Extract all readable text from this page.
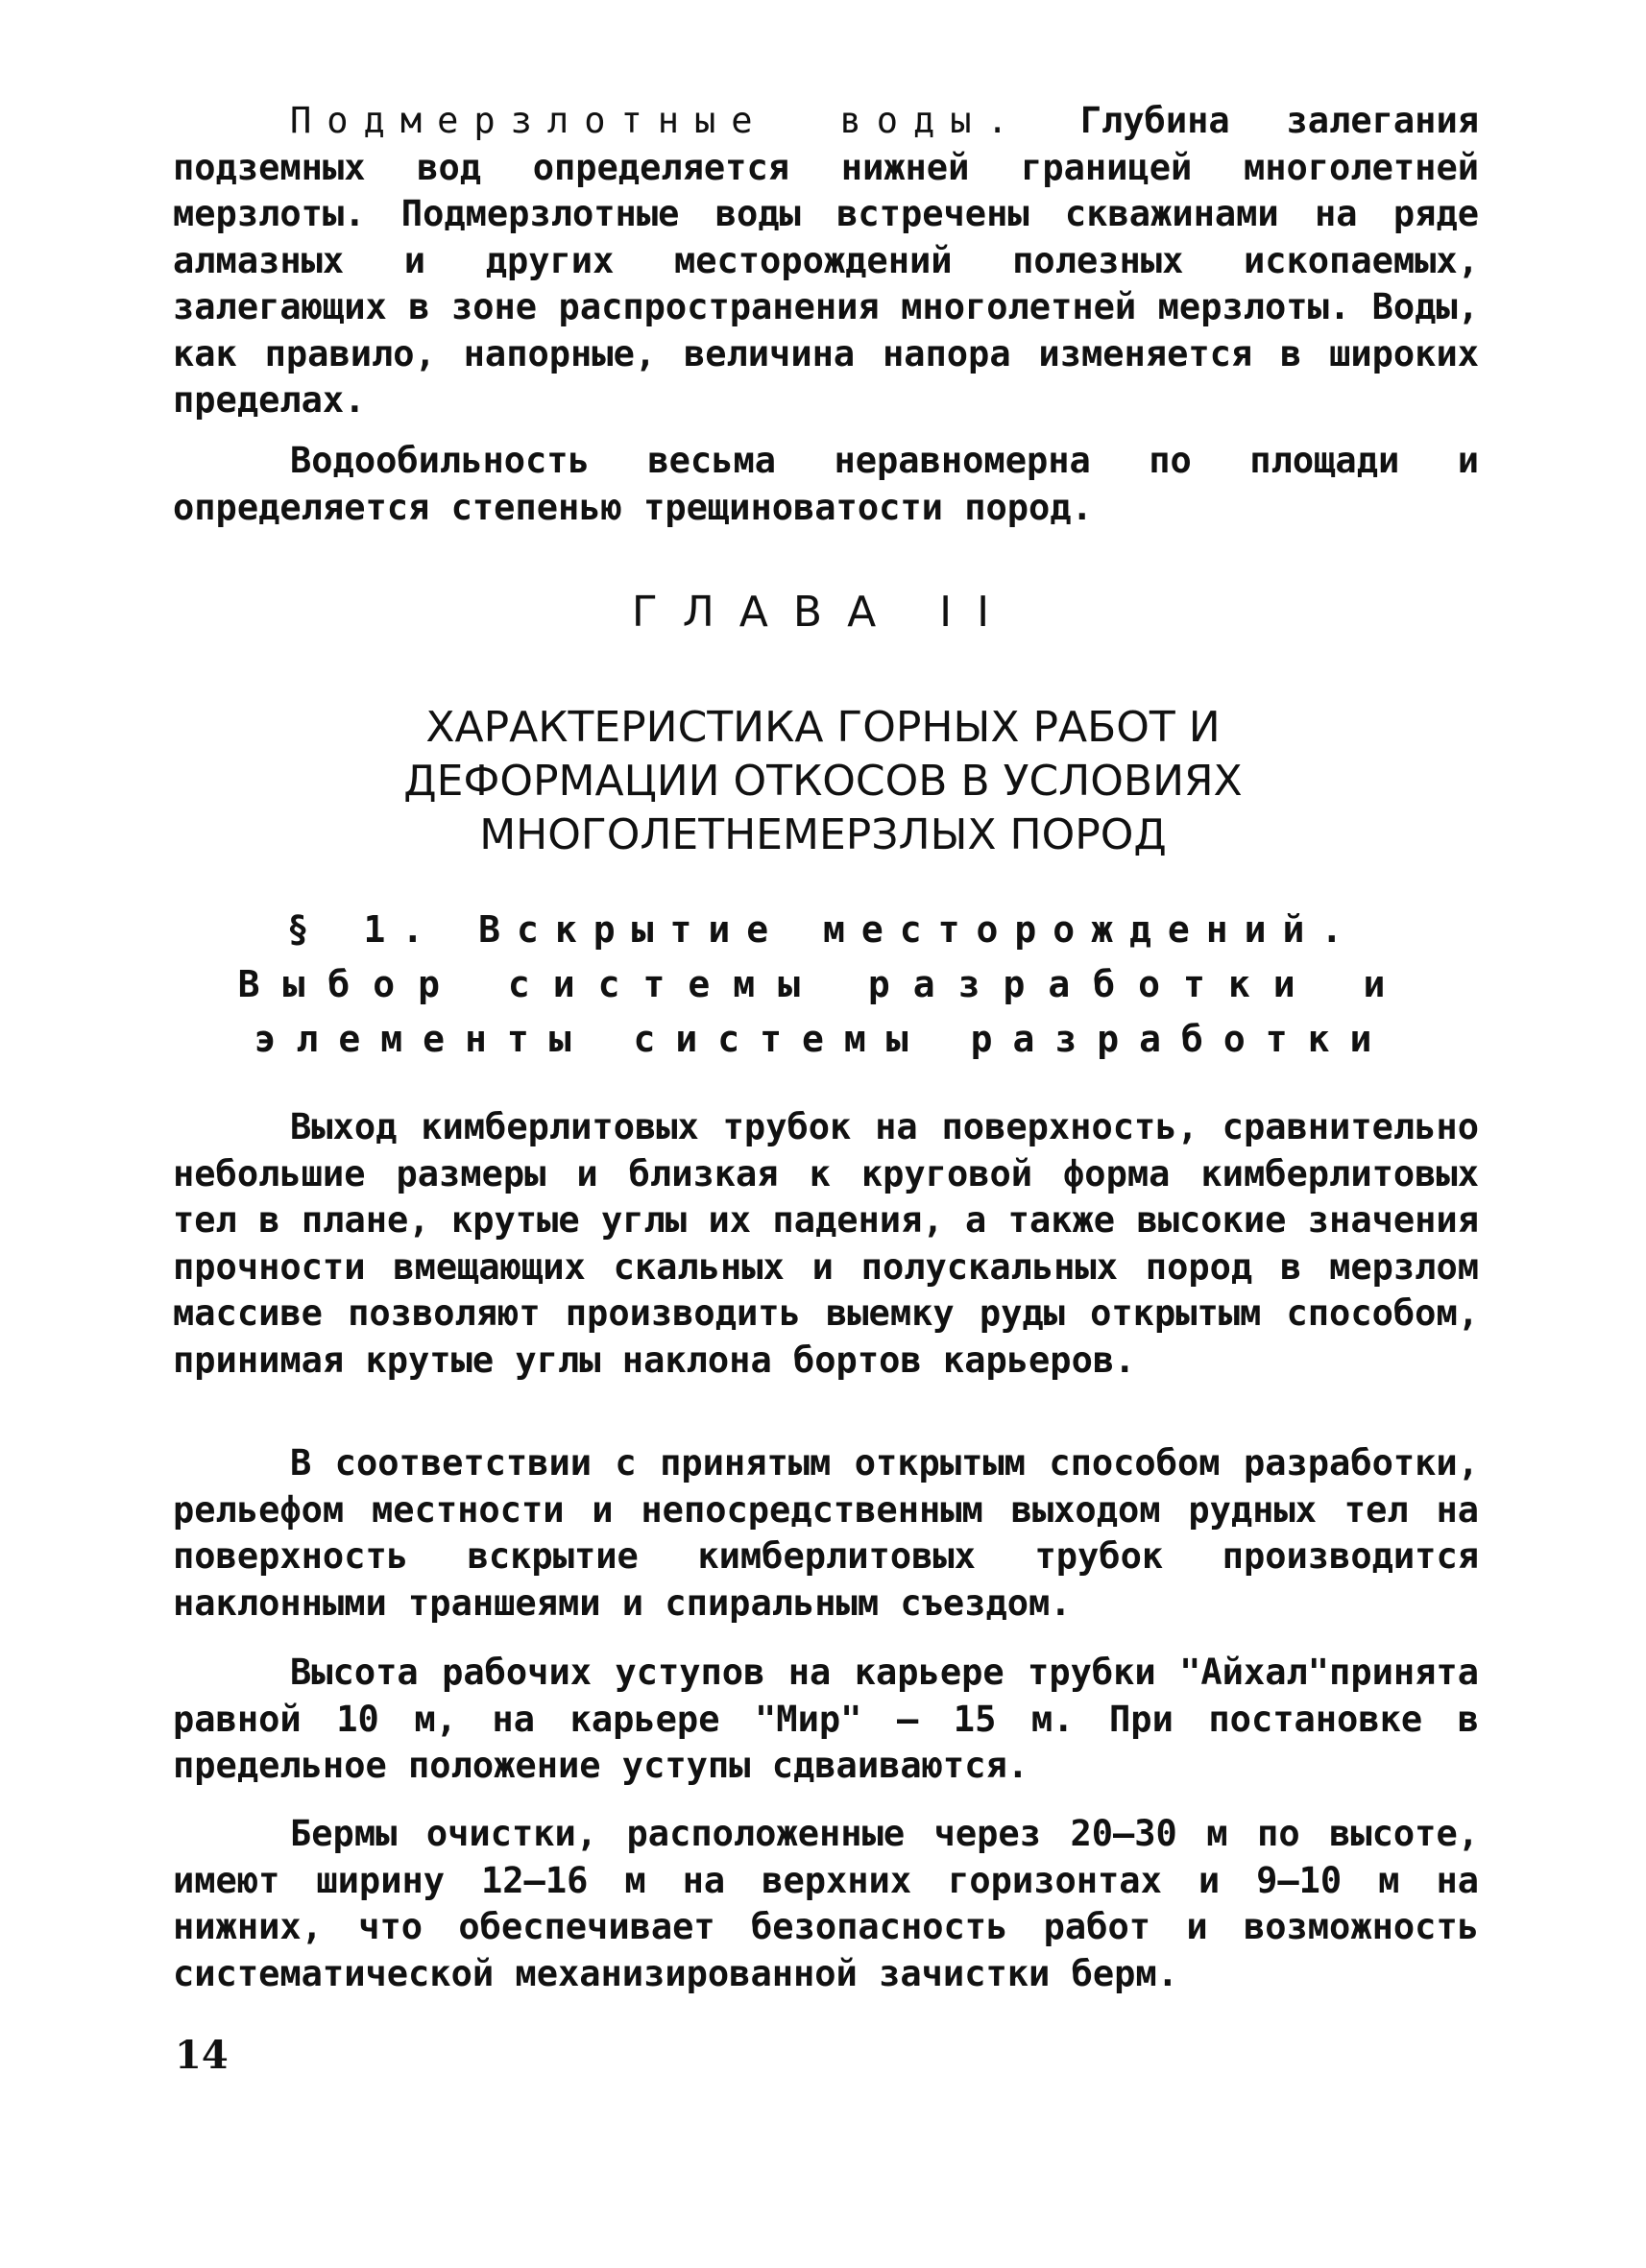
Подмерзлотные воды. Глубина залегания подземных вод определяется нижней границей многолетней мерзлоты. Подмерзлотные воды встречены скважинами на ряде алмазных и других месторождений полезных ископаемых, залегающих в зоне распространения многолетней мерзлоты. Воды, как правило, напорные, величина напора изменяется в широких пределах.

Водообильность весьма неравномерна по площади и определяется степенью трещиноватости пород.

ГЛАВА II
ХАРАКТЕРИСТИКА ГОРНЫХ РАБОТ И
ДЕФОРМАЦИИ ОТКОСОВ В УСЛОВИЯХ
МНОГОЛЕТНЕМЕРЗЛЫХ ПОРОД
§ 1. Вскрытие месторождений.
Выбор системы разработки и
элементы системы разработки

Выход кимберлитовых трубок на поверхность, сравнительно небольшие размеры и близкая к круговой форма кимберлитовых тел в плане, крутые углы их падения, а также высокие значения прочности вмещающих скальных и полускальных пород в мерзлом массиве позволяют производить выемку руды открытым способом, принимая крутые углы наклона бортов карьеров.

В соответствии с принятым открытым способом разработки, рельефом местности и непосредственным выходом рудных тел на поверхность вскрытие кимберлитовых трубок производится наклонными траншеями и спиральным съездом.

Высота рабочих уступов на карьере трубки "Айхал"принята равной 10 м, на карьере "Мир" – 15 м. При постановке в предельное положение уступы сдваиваются.

Бермы очистки, расположенные через 20–30 м по высоте, имеют ширину 12–16 м на верхних горизонтах и 9–10 м на нижних, что обеспечивает безопасность работ и возможность систематической механизированной зачистки берм.

14
